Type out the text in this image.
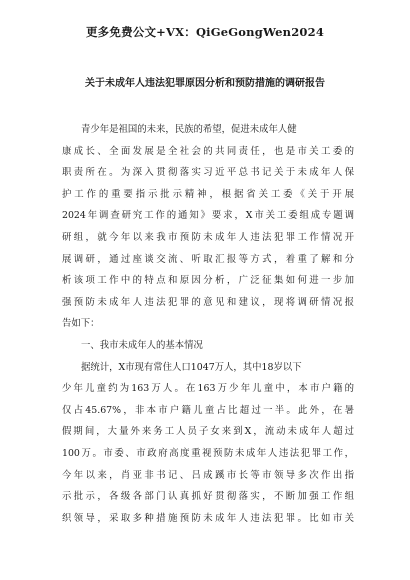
更多免费公文+VX：QiGeGongWen2024
关于未成年人违法犯罪原因分析和预防措施的调研报告
青少年是祖国的未来，民族的希望，促进未成年人健
康成长、全面发展是全社会的共同责任，也是市关工委的
职责所在。为深入贯彻落实习近平总书记关于未成年人保
护工作的重要指示批示精神，根据省关工委《关于开展
2024年调查研究工作的通知》要求，X市关工委组成专题调
研组，就今年以来我市预防未成年人违法犯罪工作情况开
展调研，通过座谈交流、听取汇报等方式，着重了解和分
析该项工作中的特点和原因分析，广泛征集如何进一步加
强预防未成年人违法犯罪的意见和建议，现将调研情况报
告如下：
一、我市未成年人的基本情况
据统计，X市现有常住人口1047万人，其中18岁以下
少年儿童约为163万人。在163万少年儿童中，本市户籍的
仅占45.67%，非本市户籍儿童占比超过一半。此外，在暑
假期间，大量外来务工人员子女来到X，流动未成年人超过
100万。市委、市政府高度重视预防未成年人违法犯罪工作，
今年以来，肖亚非书记、吕成蹊市长等市领导多次作出指
示批示，各级各部门认真抓好贯彻落实，不断加强工作组
织领导，采取多种措施预防未成年人违法犯罪。比如市关
